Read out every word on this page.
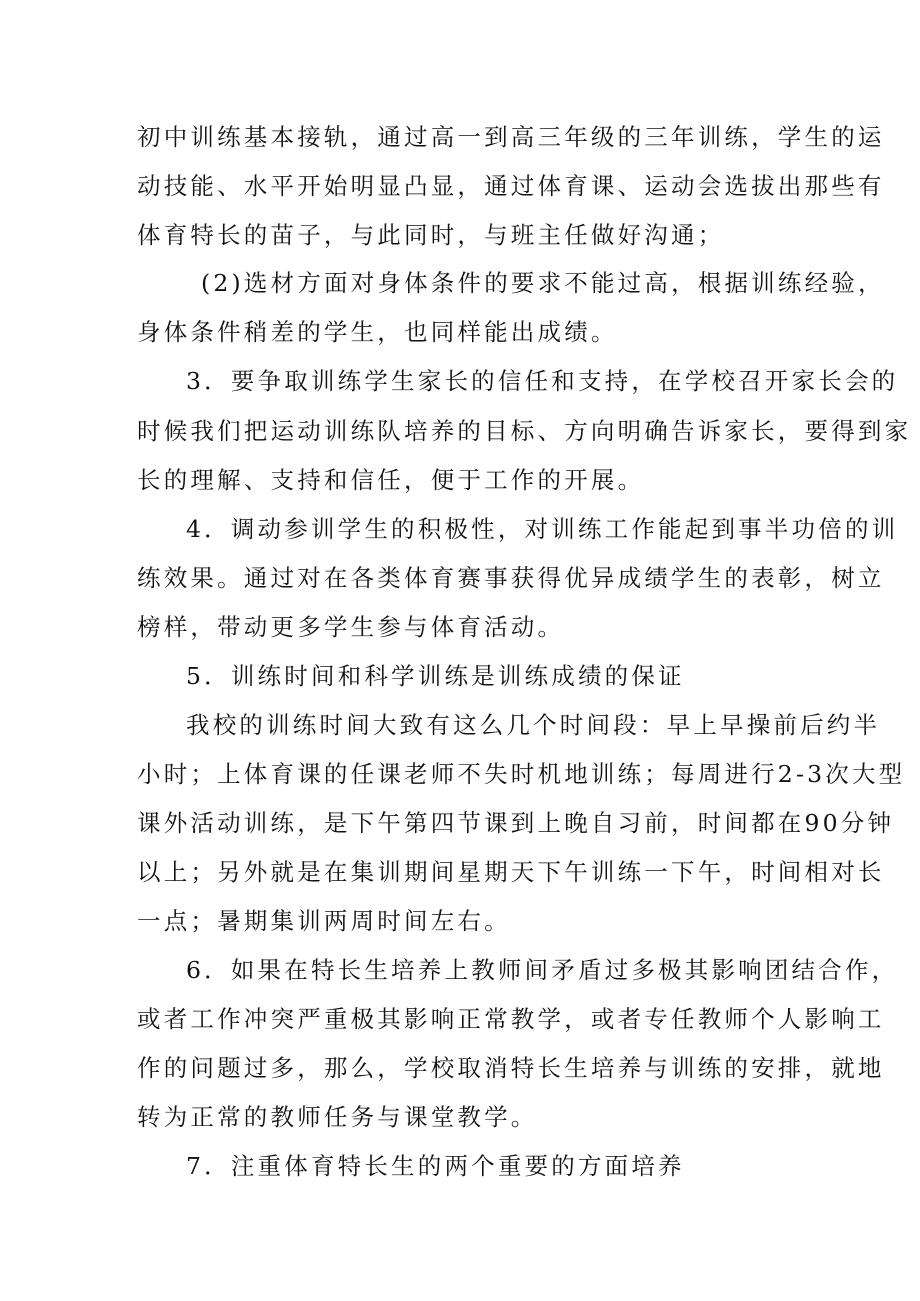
初中训练基本接轨，通过高一到高三年级的三年训练，学生的运
动技能、水平开始明显凸显，通过体育课、运动会选拔出那些有
体育特长的苗子，与此同时，与班主任做好沟通；
(2)选材方面对身体条件的要求不能过高，根据训练经验，
身体条件稍差的学生，也同样能出成绩。
3．要争取训练学生家长的信任和支持，在学校召开家长会的
时候我们把运动训练队培养的目标、方向明确告诉家长，要得到家
长的理解、支持和信任，便于工作的开展。
4．调动参训学生的积极性，对训练工作能起到事半功倍的训
练效果。通过对在各类体育赛事获得优异成绩学生的表彰，树立
榜样，带动更多学生参与体育活动。
5．训练时间和科学训练是训练成绩的保证
我校的训练时间大致有这么几个时间段：早上早操前后约半
小时；上体育课的任课老师不失时机地训练；每周进行2-3次大型
课外活动训练，是下午第四节课到上晚自习前，时间都在90分钟
以上；另外就是在集训期间星期天下午训练一下午，时间相对长
一点；暑期集训两周时间左右。
6．如果在特长生培养上教师间矛盾过多极其影响团结合作，
或者工作冲突严重极其影响正常教学，或者专任教师个人影响工
作的问题过多，那么，学校取消特长生培养与训练的安排，就地
转为正常的教师任务与课堂教学。
7．注重体育特长生的两个重要的方面培养
